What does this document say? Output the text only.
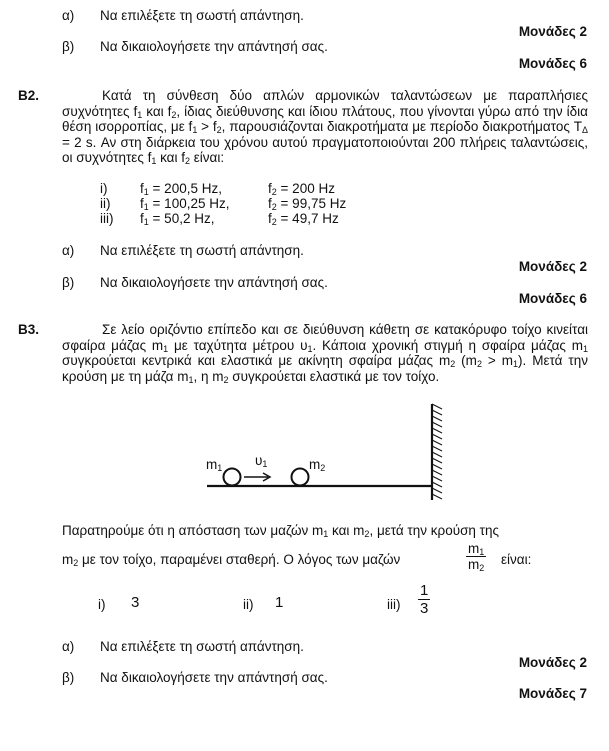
α) Να επιλέξετε τη σωστή απάντηση.
Μονάδες 2
β) Να δικαιολογήσετε την απάντησή σας.
Μονάδες 6
Β2.	Κατά τη σύνθεση δύο απλών αρμονικών ταλαντώσεων με παραπλήσιες συχνότητες $f_1$ και $f_2$, ίδιας διεύθυνσης και ίδιου πλάτους, που γίνονται γύρω από την ίδια θέση ισορροπίας, με $f_1 > f_2$, παρουσιάζονται διακροτήματα με περίοδο διακροτήματος $T_\Delta = 2$ s. Αν στη διάρκεια του χρόνου αυτού πραγματοποιούνται 200 πλήρεις ταλαντώσεις, οι συχνότητες $f_1$ και $f_2$ είναι:
i) $f_1 = 200,5$ Hz,	$f_2 = 200$ Hz
ii) $f_1 = 100,25$ Hz,	$f_2 = 99,75$ Hz
iii) $f_1 = 50,2$ Hz,	$f_2 = 49,7$ Hz
α) Να επιλέξετε τη σωστή απάντηση.
Μονάδες 2
β) Να δικαιολογήσετε την απάντησή σας.
Μονάδες 6
Β3.	Σε λείο οριζόντιο επίπεδο και σε διεύθυνση κάθετη σε κατακόρυφο τοίχο κινείται σφαίρα μάζας $m_1$ με ταχύτητα μέτρου $\upsilon_1$. Κάποια χρονική στιγμή η σφαίρα μάζας $m_1$ συγκρούεται κεντρικά και ελαστικά με ακίνητη σφαίρα μάζας $m_2$ $(m_2 > m_1)$. Μετά την κρούση με τη μάζα $m_1$, η $m_2$ συγκρούεται ελαστικά με τον τοίχο.
$m_1$ $\upsilon_1$	$m_2$
Παρατηρούμε ότι η απόσταση των μαζών $m_1$ και $m_2$, μετά την κρούση της
$m_2$ με τον τοίχο, παραμένει σταθερή. Ο λόγος των μαζών	$\frac{m_1}{m_2} \varepsilon ί\nu\alpha\iota$:
i) 3	ii) 1	$iii) \frac{1}{3}$
α) Να επιλέξετε τη σωστή απάντηση.
Μονάδες 2
β) Να δικαιολογήσετε την απάντησή σας.
Μονάδες 7
